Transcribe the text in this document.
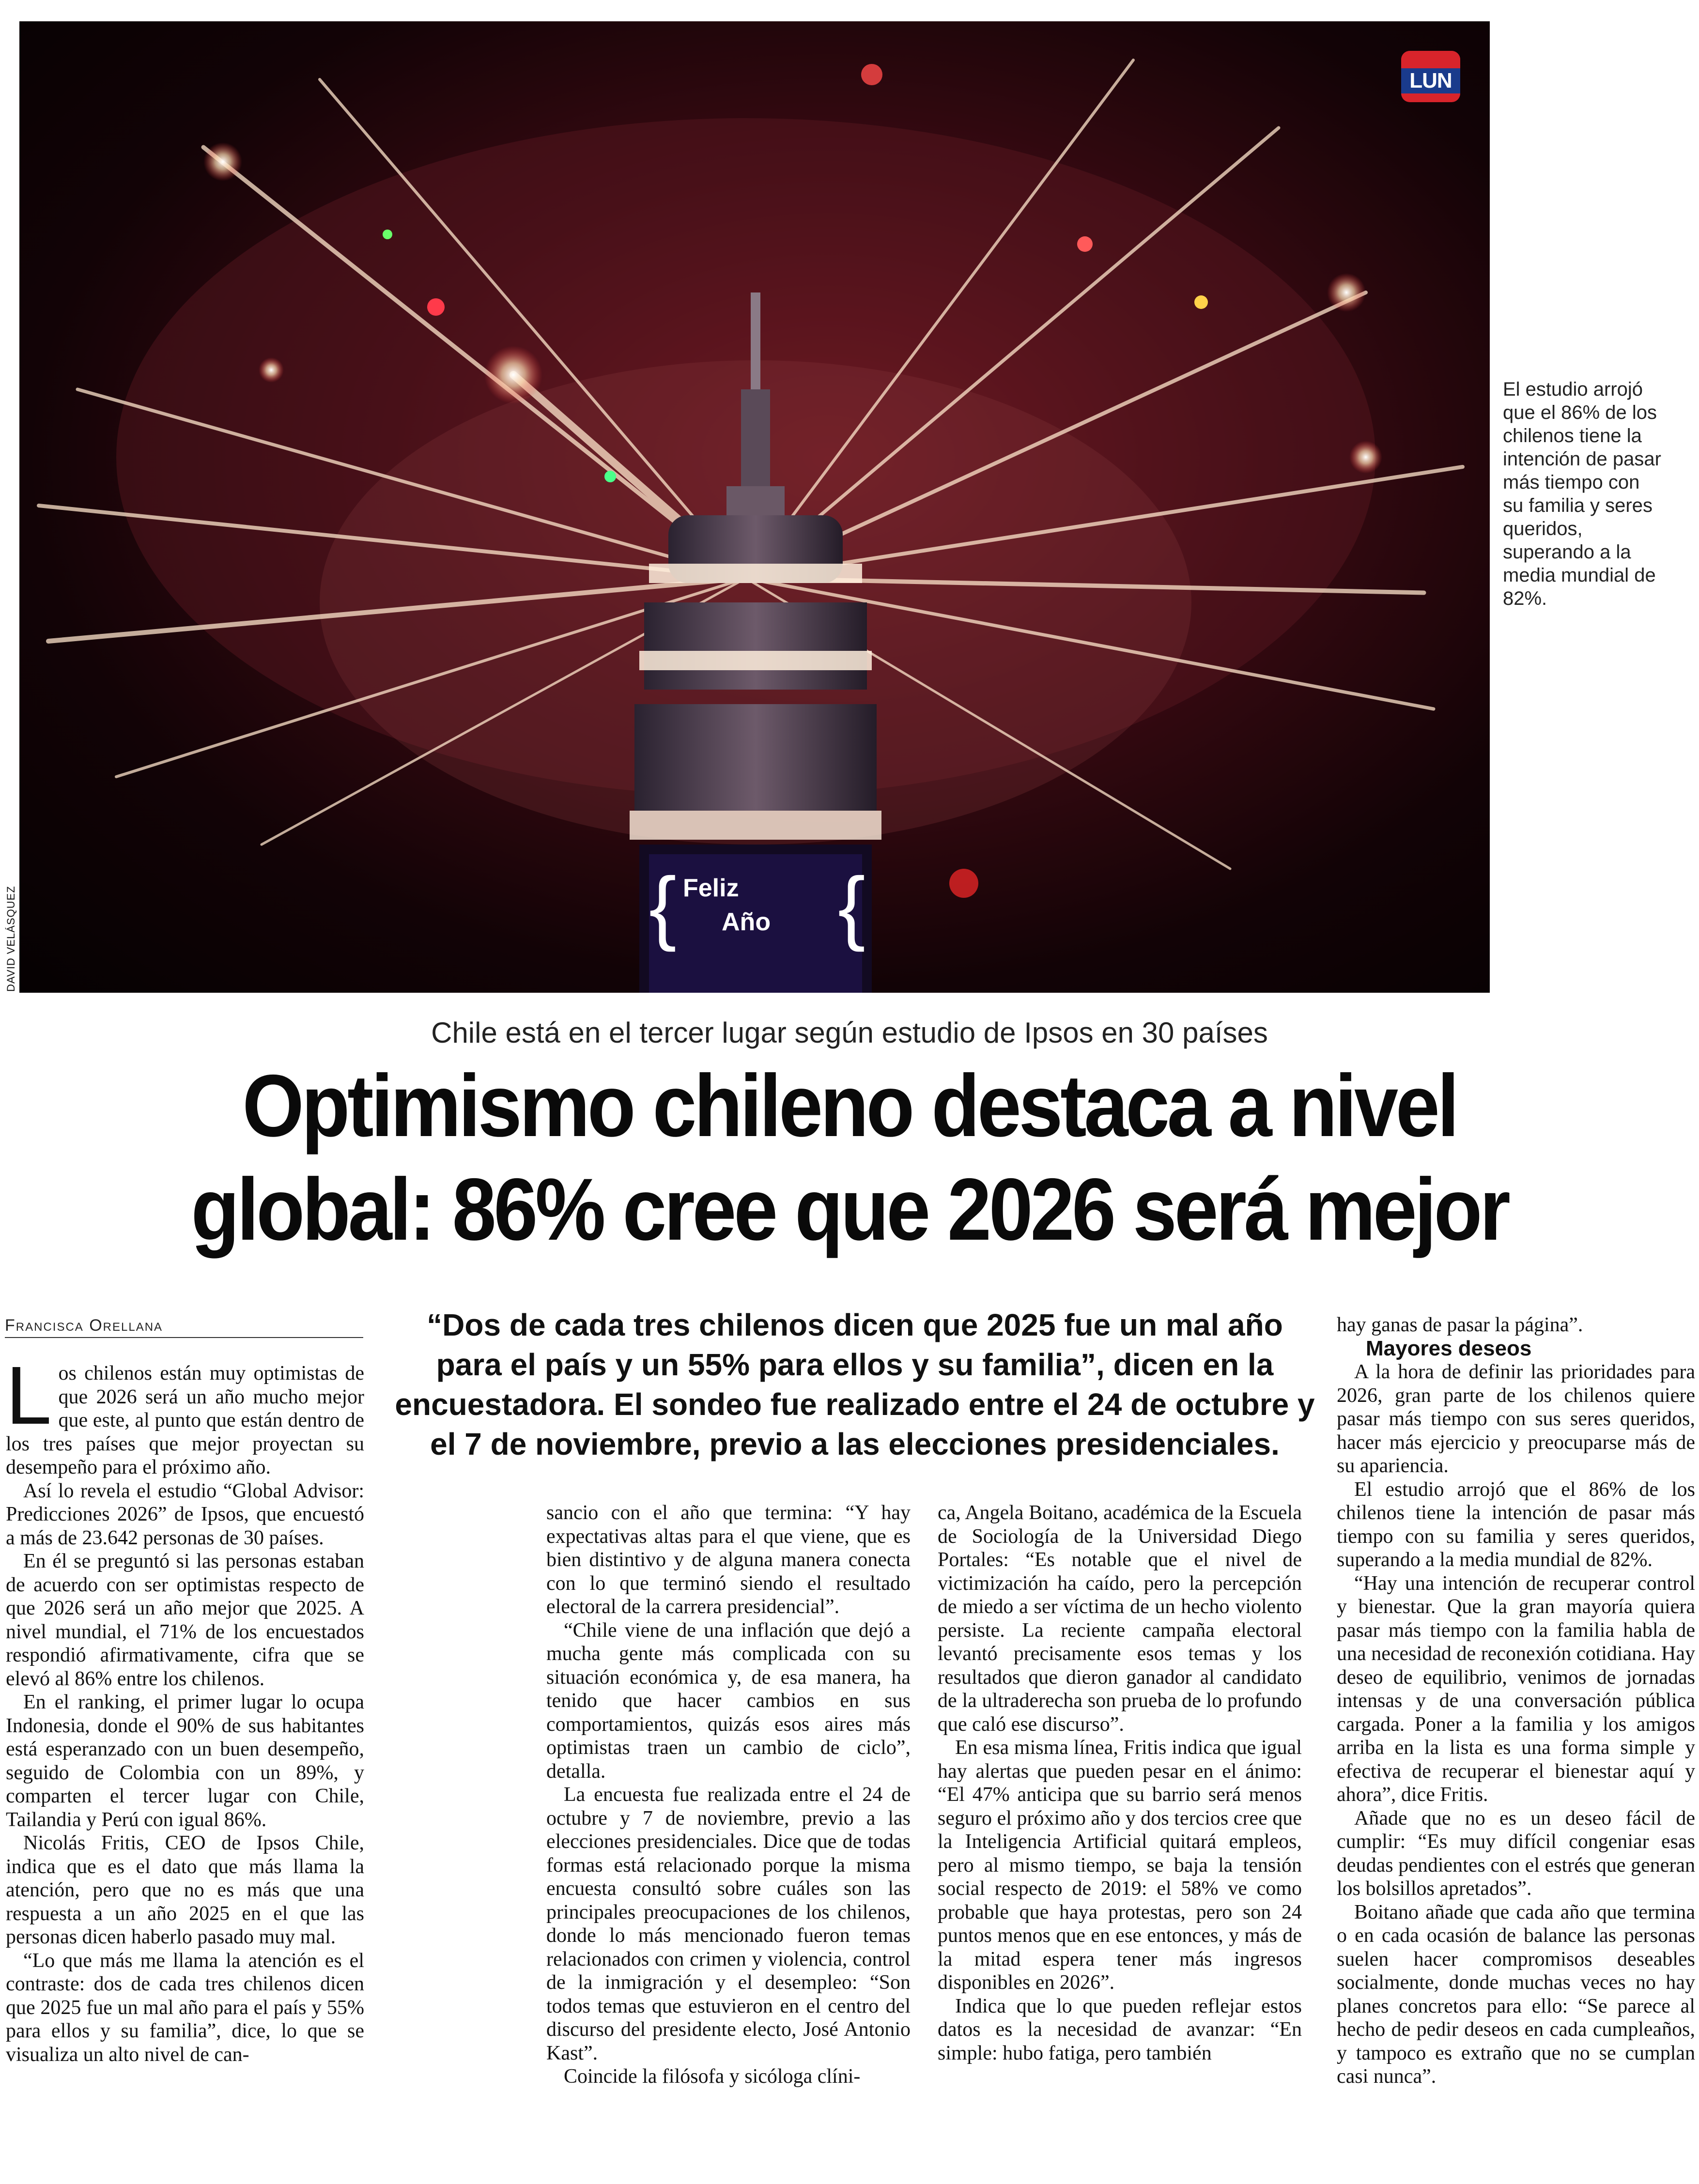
{ Feliz
Año {
LUN
DAVID VELÁSQUEZ
El estudio arrojó que el 86% de los chilenos tiene la intención de pasar más tiempo con su familia y seres queridos, superando a la media mundial de 82%.
Chile está en el tercer lugar según estudio de Ipsos en 30 países
Optimismo chileno destaca a nivel
global: 86% cree que 2026 será mejor
Francisca Orellana	“Dos de cada tres chilenos dicen que 2025 fue un mal año para el país y un 55% para ellos y su familia”, dicen en la encuestadora. El sondeo fue realizado entre el 24 de octubre y el 7 de noviembre, previo a las elecciones presidenciales.

Los chilenos están muy optimistas de que 2026 será un año mucho mejor que este, al punto que están dentro de los tres países que mejor proyectan su desempeño para el próximo año.

Así lo revela el estudio “Global Advisor: Predicciones 2026” de Ipsos, que encuestó a más de 23.642 personas de 30 países.

En él se preguntó si las personas estaban de acuerdo con ser optimistas respecto de que 2026 será un año mejor que 2025. A nivel mundial, el 71% de los encuestados respondió afirmativamente, cifra que se elevó al 86% entre los chilenos.

En el ranking, el primer lugar lo ocupa Indonesia, donde el 90% de sus habitantes está esperanzado con un buen desempeño, seguido de Colombia con un 89%, y comparten el tercer lugar con Chile, Tailandia y Perú con igual 86%.

Nicolás Fritis, CEO de Ipsos Chile, indica que es el dato que más llama la atención, pero que no es más que una respuesta a un año 2025 en el que las personas dicen haberlo pasado muy mal.

“Lo que más me llama la atención es el contraste: dos de cada tres chilenos dicen que 2025 fue un mal año para el país y 55% para ellos y su familia”, dice, lo que se visualiza un alto nivel de can-

sancio con el año que termina: “Y hay expectativas altas para el que viene, que es bien distintivo y de alguna manera conecta con lo que terminó siendo el resultado electoral de la carrera presidencial”.

“Chile viene de una inflación que dejó a mucha gente más complicada con su situación económica y, de esa manera, ha tenido que hacer cambios en sus comportamientos, quizás esos aires más optimistas traen un cambio de ciclo”, detalla.

La encuesta fue realizada entre el 24 de octubre y 7 de noviembre, previo a las elecciones presidenciales. Dice que de todas formas está relacionado porque la misma encuesta consultó sobre cuáles son las principales preocupaciones de los chilenos, donde lo más mencionado fueron temas relacionados con crimen y violencia, control de la inmigración y el desempleo: “Son todos temas que estuvieron en el centro del discurso del presidente electo, José Antonio Kast”.

Coincide la filósofa y sicóloga clíni-

ca, Angela Boitano, académica de la Escuela de Sociología de la Universidad Diego Portales: “Es notable que el nivel de victimización ha caído, pero la percepción de miedo a ser víctima de un hecho violento persiste. La reciente campaña electoral levantó precisamente esos temas y los resultados que dieron ganador al candidato de la ultraderecha son prueba de lo profundo que caló ese discurso”.

En esa misma línea, Fritis indica que igual hay alertas que pueden pesar en el ánimo: “El 47% anticipa que su barrio será menos seguro el próximo año y dos tercios cree que la Inteligencia Artificial quitará empleos, pero al mismo tiempo, se baja la tensión social respecto de 2019: el 58% ve como probable que haya protestas, pero son 24 puntos menos que en ese entonces, y más de la mitad espera tener más ingresos disponibles en 2026”.

Indica que lo que pueden reflejar estos datos es la necesidad de avanzar: “En simple: hubo fatiga, pero también

hay ganas de pasar la página”.

Mayores deseos

A la hora de definir las prioridades para 2026, gran parte de los chilenos quiere pasar más tiempo con sus seres queridos, hacer más ejercicio y preocuparse más de su apariencia.

El estudio arrojó que el 86% de los chilenos tiene la intención de pasar más tiempo con su familia y seres queridos, superando a la media mundial de 82%.

“Hay una intención de recuperar control y bienestar. Que la gran mayoría quiera pasar más tiempo con la familia habla de una necesidad de reconexión cotidiana. Hay deseo de equilibrio, venimos de jornadas intensas y de una conversación pública cargada. Poner a la familia y los amigos arriba en la lista es una forma simple y efectiva de recuperar el bienestar aquí y ahora”, dice Fritis.

Añade que no es un deseo fácil de cumplir: “Es muy difícil congeniar esas deudas pendientes con el estrés que generan los bolsillos apretados”.

Boitano añade que cada año que termina o en cada ocasión de balance las personas suelen hacer compromisos deseables socialmente, donde muchas veces no hay planes concretos para ello: “Se parece al hecho de pedir deseos en cada cumpleaños, y tampoco es extraño que no se cumplan casi nunca”.
